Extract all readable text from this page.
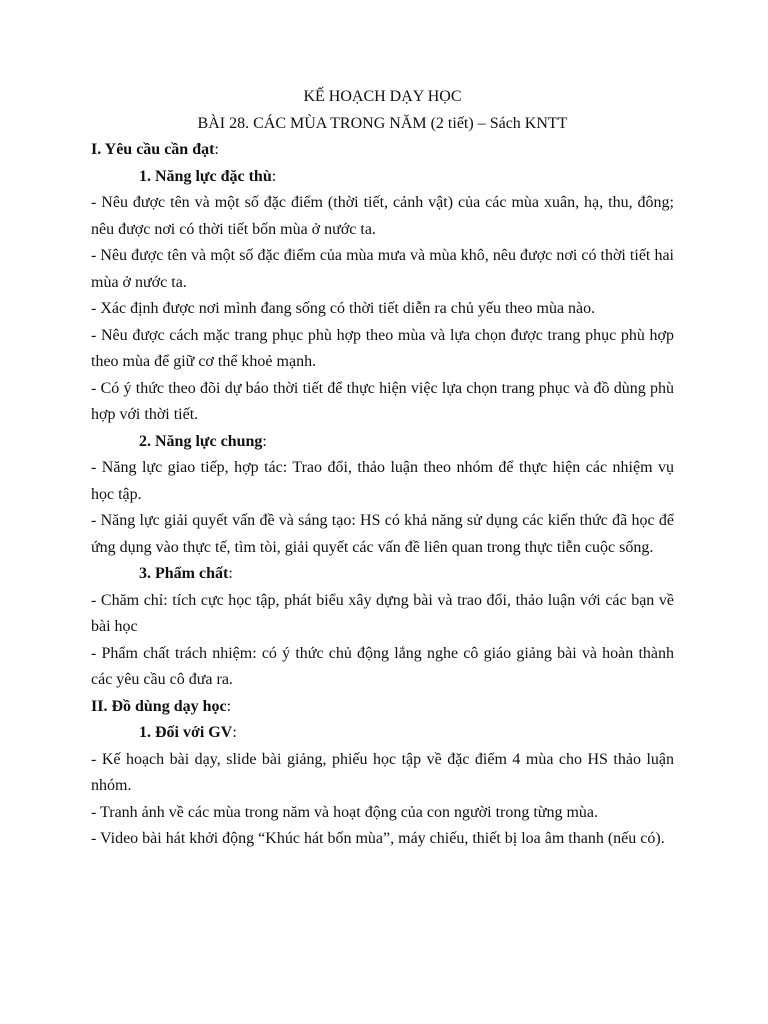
KẾ HOẠCH DẠY HỌC
BÀI 28. CÁC MÙA TRONG NĂM (2 tiết) – Sách KNTT

I. Yêu cầu cần đạt:

1. Năng lực đặc thù:

- Nêu được tên và một số đặc điểm (thời tiết, cảnh vật) của các mùa xuân, hạ, thu, đông; nêu được nơi có thời tiết bốn mùa ở nước ta.

- Nêu được tên và một số đặc điểm của mùa mưa và mùa khô, nêu được nơi có thời tiết hai mùa ở nước ta.

- Xác định được nơi mình đang sống có thời tiết diễn ra chủ yếu theo mùa nào.

- Nêu được cách mặc trang phục phù hợp theo mùa và lựa chọn được trang phục phù hợp theo mùa để giữ cơ thể khoẻ mạnh.

- Có ý thức theo đõi dự báo thời tiết để thực hiện việc lựa chọn trang phục và đồ dùng phù hợp với thời tiết.

2. Năng lực chung:

- Năng lực giao tiếp, hợp tác: Trao đổi, thảo luận theo nhóm để thực hiện các nhiệm vụ học tập.

- Năng lực giải quyết vấn đề và sáng tạo: HS có khả năng sử dụng các kiến thức đã học để ứng dụng vào thực tế, tìm tòi, giải quyết các vấn đề liên quan trong thực tiễn cuộc sống.

3. Phẩm chất:

- Chăm chỉ: tích cực học tập, phát biểu xây dựng bài và trao đổi, thảo luận với các bạn về bài học

- Phẩm chất trách nhiệm: có ý thức chủ động lắng nghe cô giáo giảng bài và hoàn thành các yêu cầu cô đưa ra.

II. Đồ dùng dạy học:

1. Đối với GV:

- Kế hoạch bài dạy, slide bài giảng, phiếu học tập về đặc điểm 4 mùa cho HS thảo luận nhóm.

- Tranh ảnh về các mùa trong năm và hoạt động của con người trong từng mùa.

- Video bài hát khởi động “Khúc hát bốn mùa”, máy chiếu, thiết bị loa âm thanh (nếu có).
